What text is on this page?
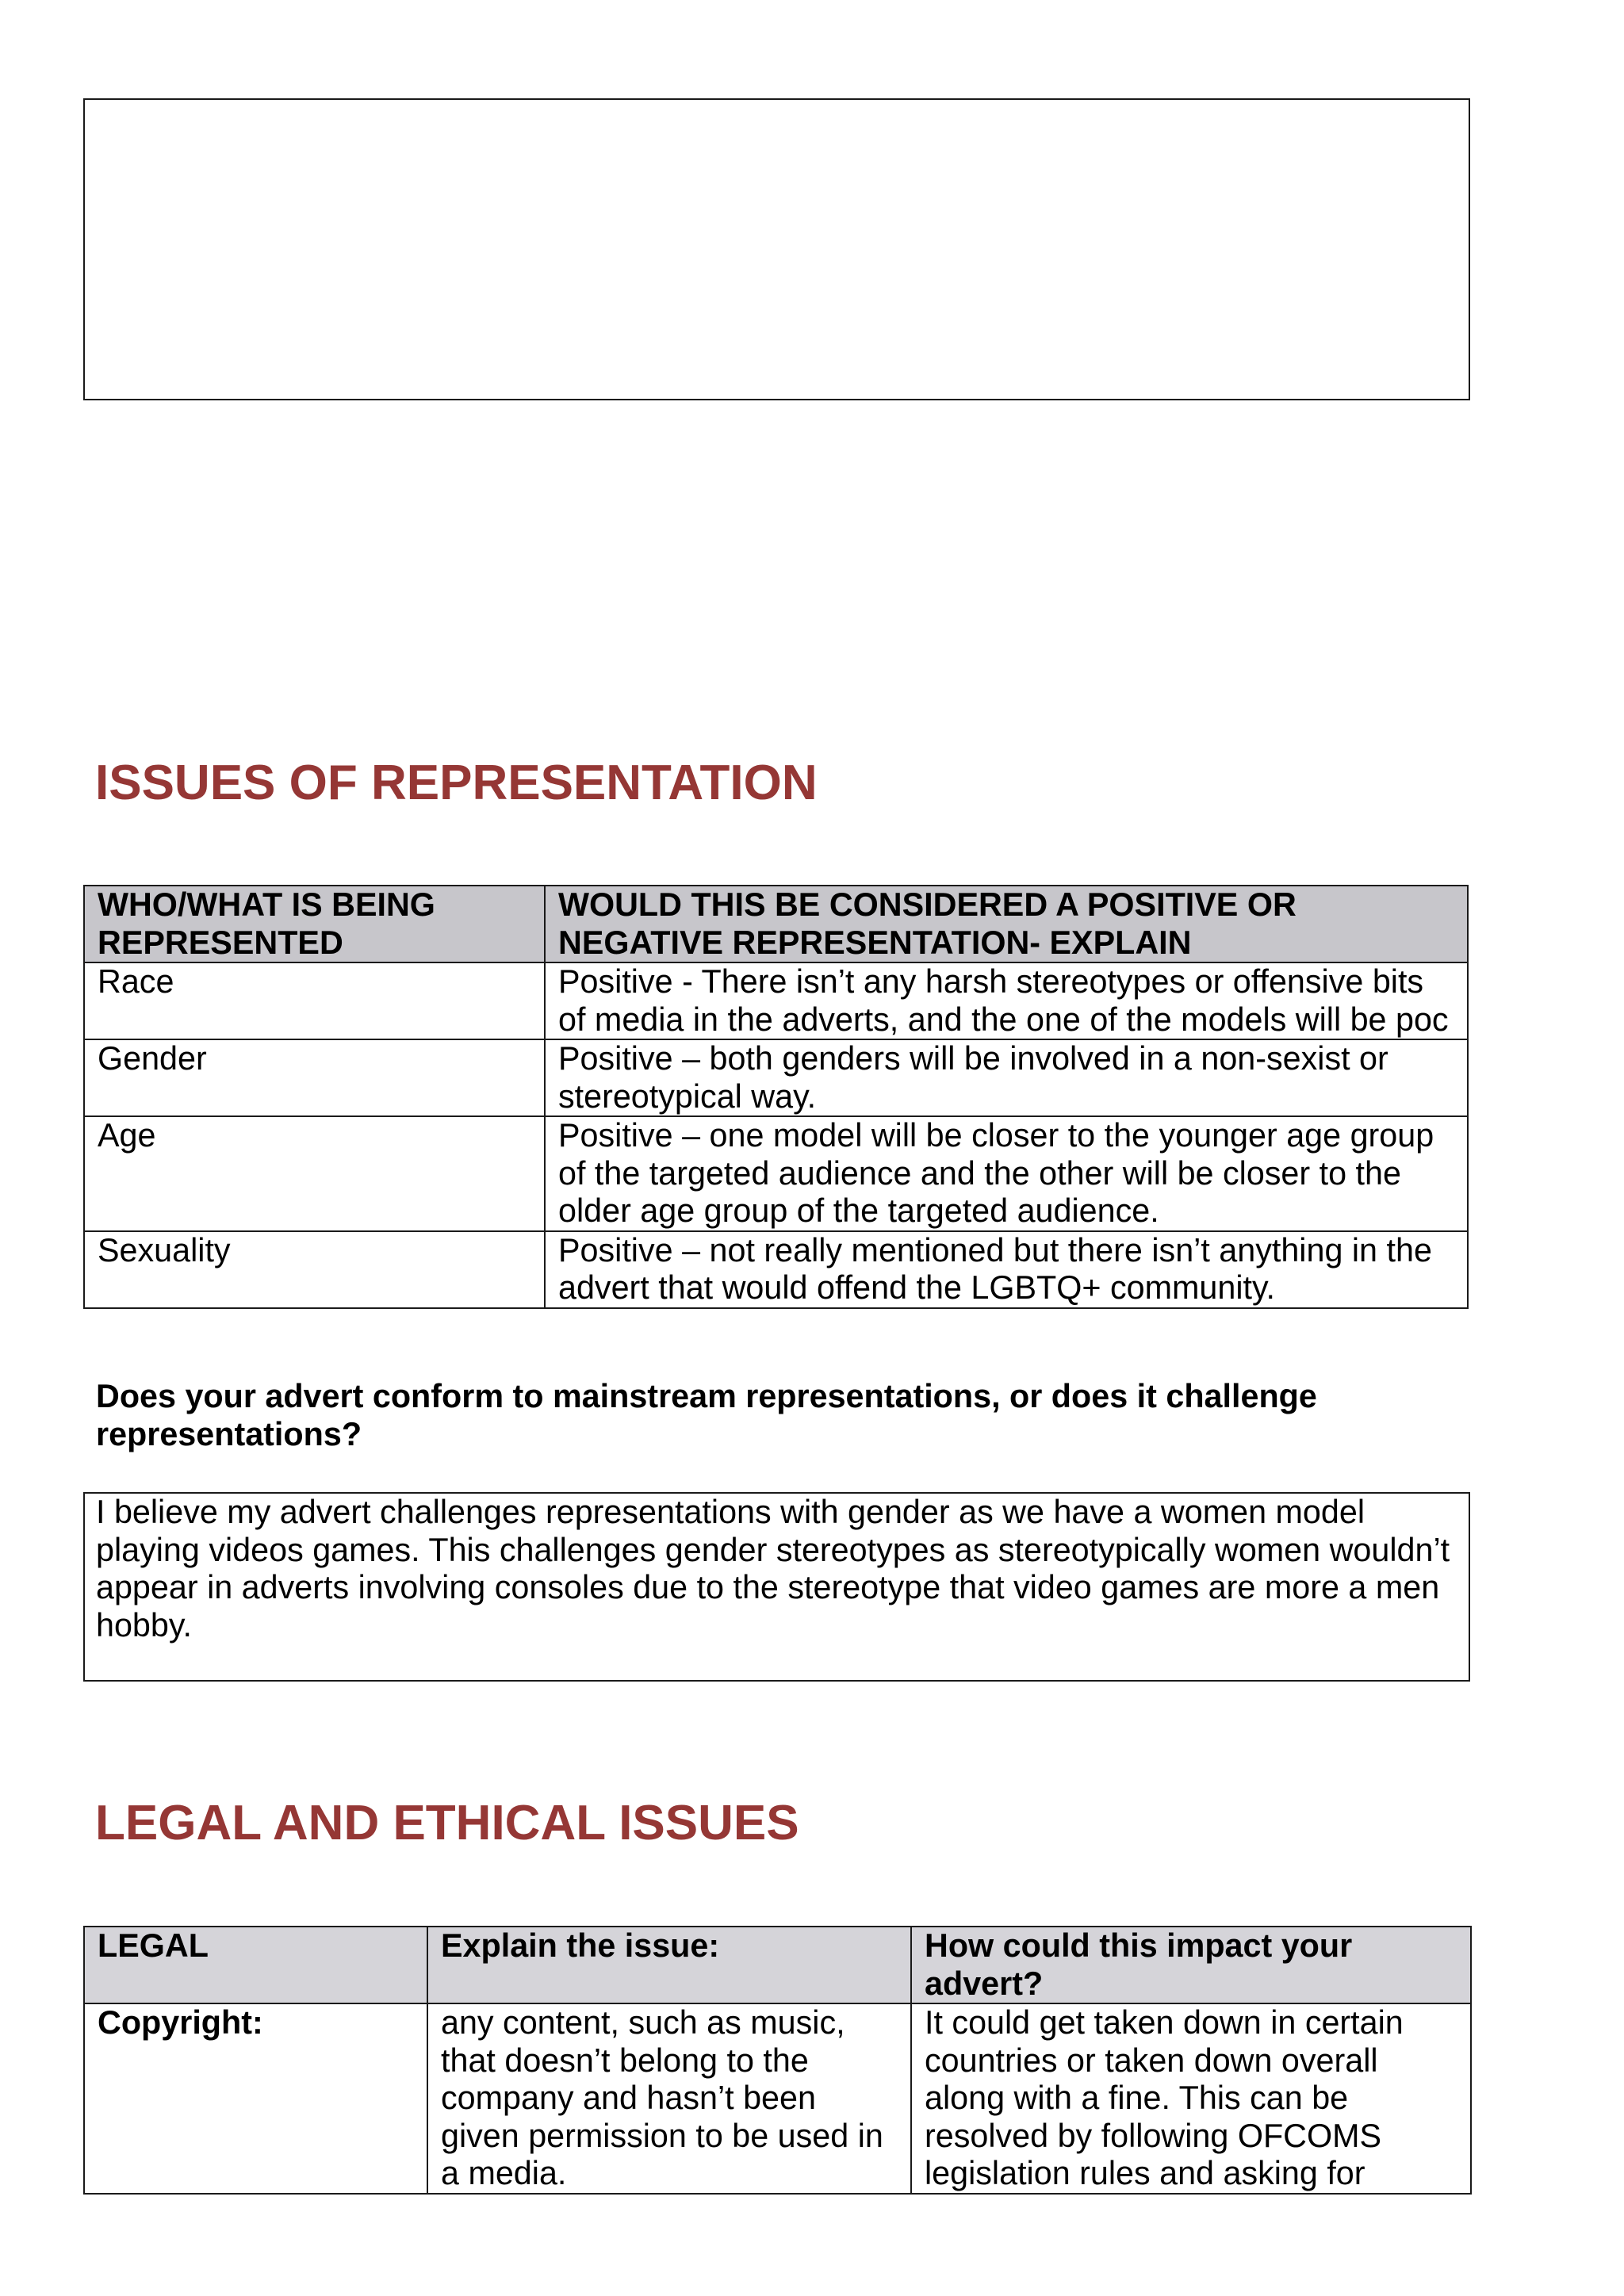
ISSUES OF REPRESENTATION
WHO/WHAT IS BEING
REPRESENTED	WOULD THIS BE CONSIDERED A POSITIVE OR
NEGATIVE REPRESENTATION- EXPLAIN
Race	Positive - There isn’t any harsh stereotypes or offensive bits
of media in the adverts, and the one of the models will be poc
Gender	Positive – both genders will be involved in a non-sexist or
stereotypical way.
Age	Positive – one model will be closer to the younger age group
of the targeted audience and the other will be closer to the
older age group of the targeted audience.
Sexuality	Positive – not really mentioned but there isn’t anything in the
advert that would offend the LGBTQ+ community.

Does your advert conform to mainstream representations, or does it challenge
representations?

I believe my advert challenges representations with gender as we have a women model
playing videos games. This challenges gender stereotypes as stereotypically women wouldn’t
appear in adverts involving consoles due to the stereotype that video games are more a men
hobby.
LEGAL AND ETHICAL ISSUES
LEGAL	Explain the issue:	How could this impact your
advert?
Copyright:	any content, such as music,
that doesn’t belong to the
company and hasn’t been
given permission to be used in
a media.	It could get taken down in certain
countries or taken down overall
along with a fine. This can be
resolved by following OFCOMS
legislation rules and asking for
